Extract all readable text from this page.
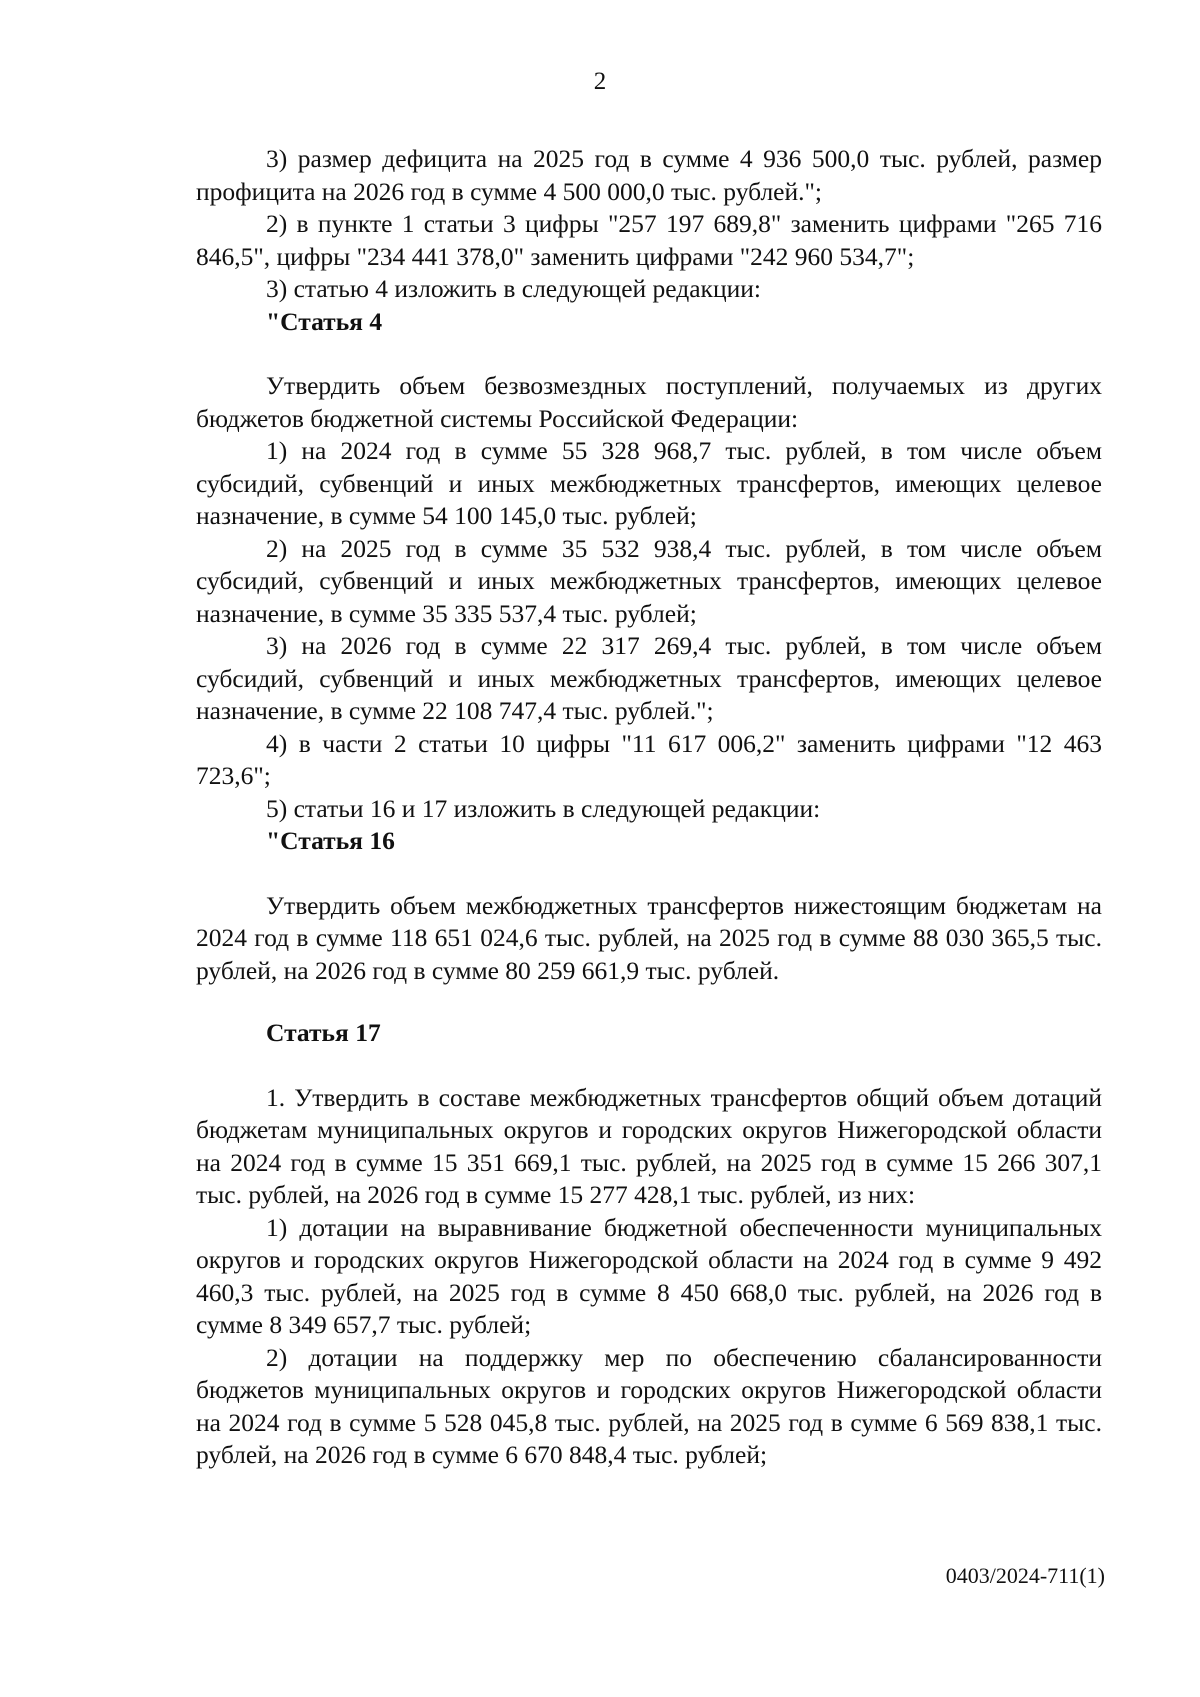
2

3) размер дефицита на 2025 год в сумме 4 936 500,0 тыс. рублей, размер профицита на 2026 год в сумме 4 500 000,0 тыс. рублей.";

2) в пункте 1 статьи 3 цифры "257 197 689,8" заменить цифрами "265 716 846,5", цифры "234 441 378,0" заменить цифрами "242 960 534,7";

3) статью 4 изложить в следующей редакции:

"Статья 4

Утвердить объем безвозмездных поступлений, получаемых из других бюджетов бюджетной системы Российской Федерации:

1) на 2024 год в сумме 55 328 968,7 тыс. рублей, в том числе объем субсидий, субвенций и иных межбюджетных трансфертов, имеющих целевое назначение, в сумме 54 100 145,0 тыс. рублей;

2) на 2025 год в сумме 35 532 938,4 тыс. рублей, в том числе объем субсидий, субвенций и иных межбюджетных трансфертов, имеющих целевое назначение, в сумме 35 335 537,4 тыс. рублей;

3) на 2026 год в сумме 22 317 269,4 тыс. рублей, в том числе объем субсидий, субвенций и иных межбюджетных трансфертов, имеющих целевое назначение, в сумме 22 108 747,4 тыс. рублей.";

4) в части 2 статьи 10 цифры "11 617 006,2" заменить цифрами "12 463 723,6";

5) статьи 16 и 17 изложить в следующей редакции:

"Статья 16

Утвердить объем межбюджетных трансфертов нижестоящим бюджетам на 2024 год в сумме 118 651 024,6 тыс. рублей, на 2025 год в сумме 88 030 365,5 тыс. рублей, на 2026 год в сумме 80 259 661,9 тыс. рублей.

Статья 17

1. Утвердить в составе межбюджетных трансфертов общий объем дотаций бюджетам муниципальных округов и городских округов Нижегородской области на 2024 год в сумме 15 351 669,1 тыс. рублей, на 2025 год в сумме 15 266 307,1 тыс. рублей, на 2026 год в сумме 15 277 428,1 тыс. рублей, из них:

1) дотации на выравнивание бюджетной обеспеченности муниципальных округов и городских округов Нижегородской области на 2024 год в сумме 9 492 460,3 тыс. рублей, на 2025 год в сумме 8 450 668,0 тыс. рублей, на 2026 год в сумме 8 349 657,7 тыс. рублей;

2) дотации на поддержку мер по обеспечению сбалансированности бюджетов муниципальных округов и городских округов Нижегородской области на 2024 год в сумме 5 528 045,8 тыс. рублей, на 2025 год в сумме 6 569 838,1 тыс. рублей, на 2026 год в сумме 6 670 848,4 тыс. рублей;

0403/2024-711(1)
